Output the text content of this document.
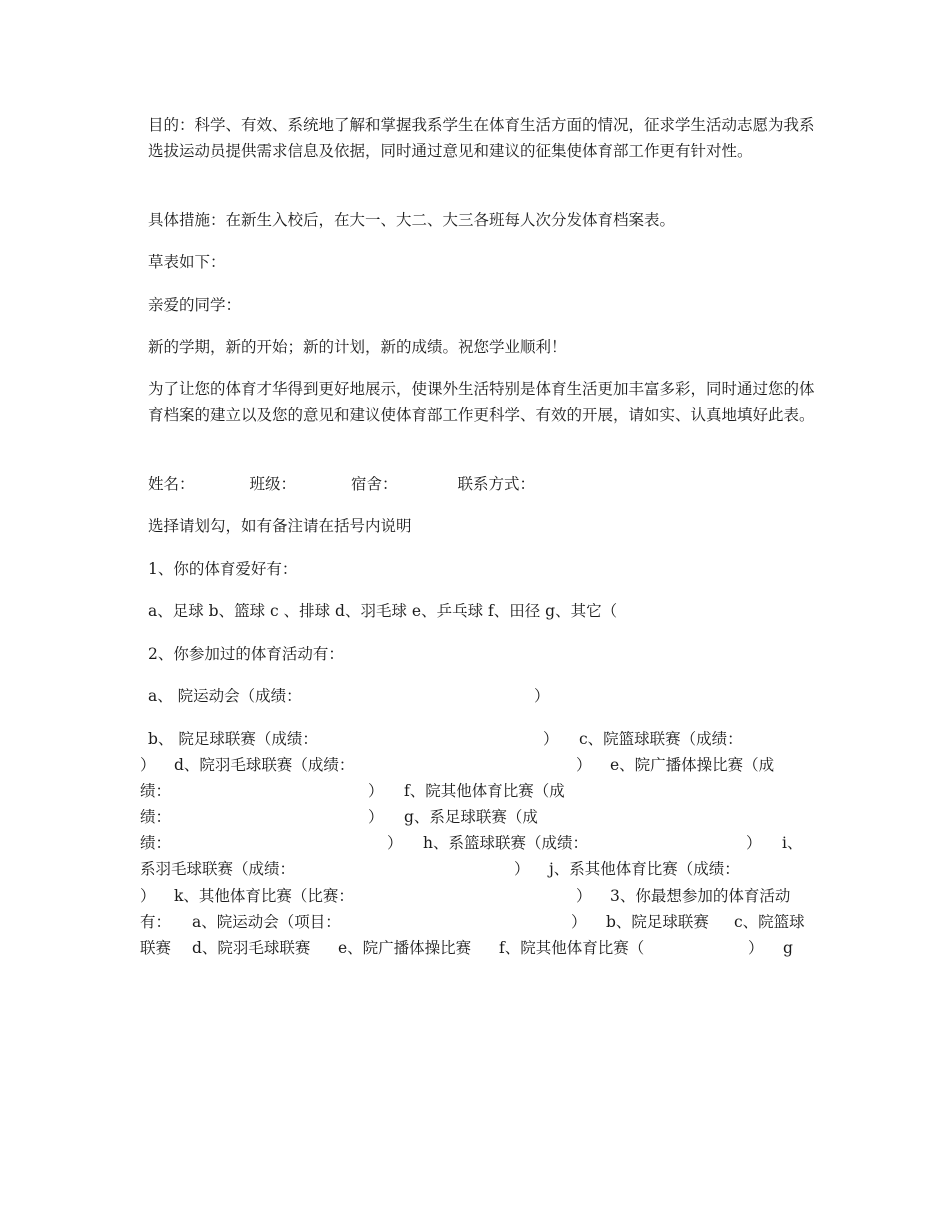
目的：科学、有效、系统地了解和掌握我系学生在体育生活方面的情况，征求学生活动志愿为我系选拔运动员提供需求信息及依据，同时通过意见和建议的征集使体育部工作更有针对性。

具体措施：在新生入校后，在大一、大二、大三各班每人次分发体育档案表。

草表如下：

亲爱的同学：

新的学期，新的开始；新的计划，新的成绩。祝您学业顺利！

为了让您的体育才华得到更好地展示，使课外生活特别是体育生活更加丰富多彩，同时通过您的体育档案的建立以及您的意见和建议使体育部工作更科学、有效的开展，请如实、认真地填好此表。

姓名：	班级：	宿舍：	联系方式：

选择请划勾，如有备注请在括号内说明

1、你的体育爱好有：

a、足球 b、篮球 c 、排球 d、羽毛球 e、乒乓球 f、田径 g、其它（

2、你参加过的体育活动有：

a、 院运动会（成绩：	）
b、 院足球联赛（成绩：	） c、院篮球联赛（成绩：
） d、院羽毛球联赛（成绩：	） e、院广播体操比赛（成
绩：	） f、院其他体育比赛（成
绩：	） g、系足球联赛（成
绩：	） h、系篮球联赛（成绩：	） i、
系羽毛球联赛（成绩：	） j、系其他体育比赛（成绩：
） k、其他体育比赛（比赛：	） 3、你最想参加的体育活动
有： a、院运动会（项目：	） b、院足球联赛 c、院篮球
联赛 d、院羽毛球联赛 e、院广播体操比赛 f、院其他体育比赛（	） g
